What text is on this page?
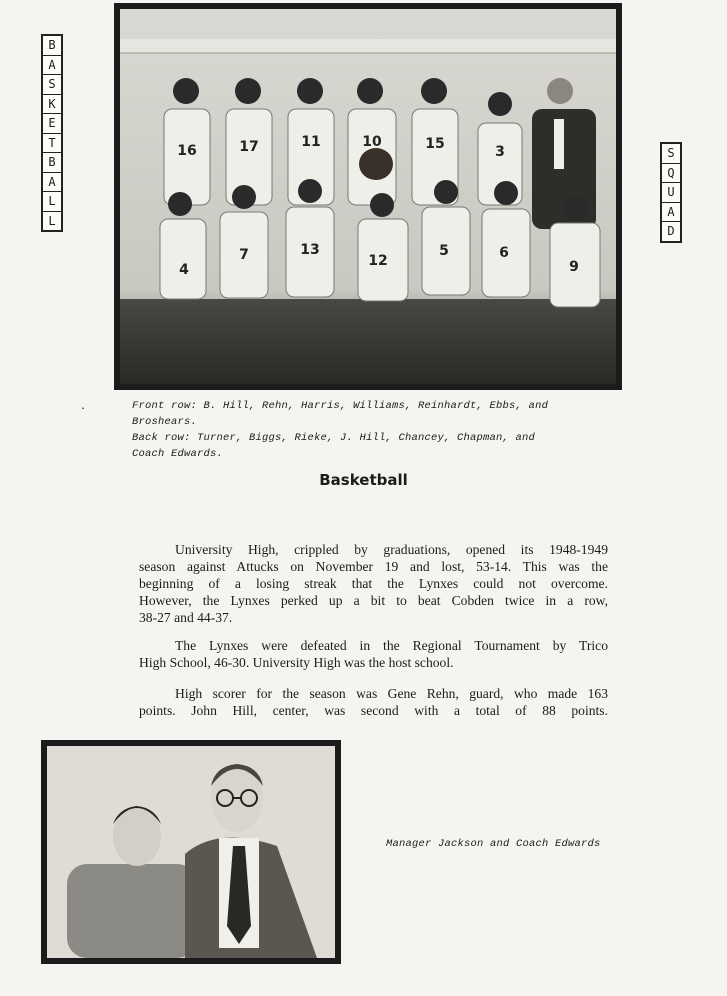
B
A
S
K
E
T
B
A
L
L
S
Q
U
A
D
16	17	11	10	15	3
4
7	13
12
5	6
9
.	Front row: B. Hill, Rehn, Harris, Williams, Reinhardt, Ebbs, and
Broshears.
Back row: Turner, Biggs, Rieke, J. Hill, Chancey, Chapman, and
Coach Edwards.
Basketball
University High, crippled by graduations, opened its 1948-1949
season against Attucks on November 19 and lost, 53-14. This was the
beginning of a losing streak that the Lynxes could not overcome.
However, the Lynxes perked up a bit to beat Cobden twice in a row,
38-27 and 44-37.
The Lynxes were defeated in the Regional Tournament by Trico
High School, 46-30. University High was the host school.
High scorer for the season was Gene Rehn, guard, who made 163
points. John Hill, center, was second with a total of 88 points.
Manager Jackson and Coach Edwards
